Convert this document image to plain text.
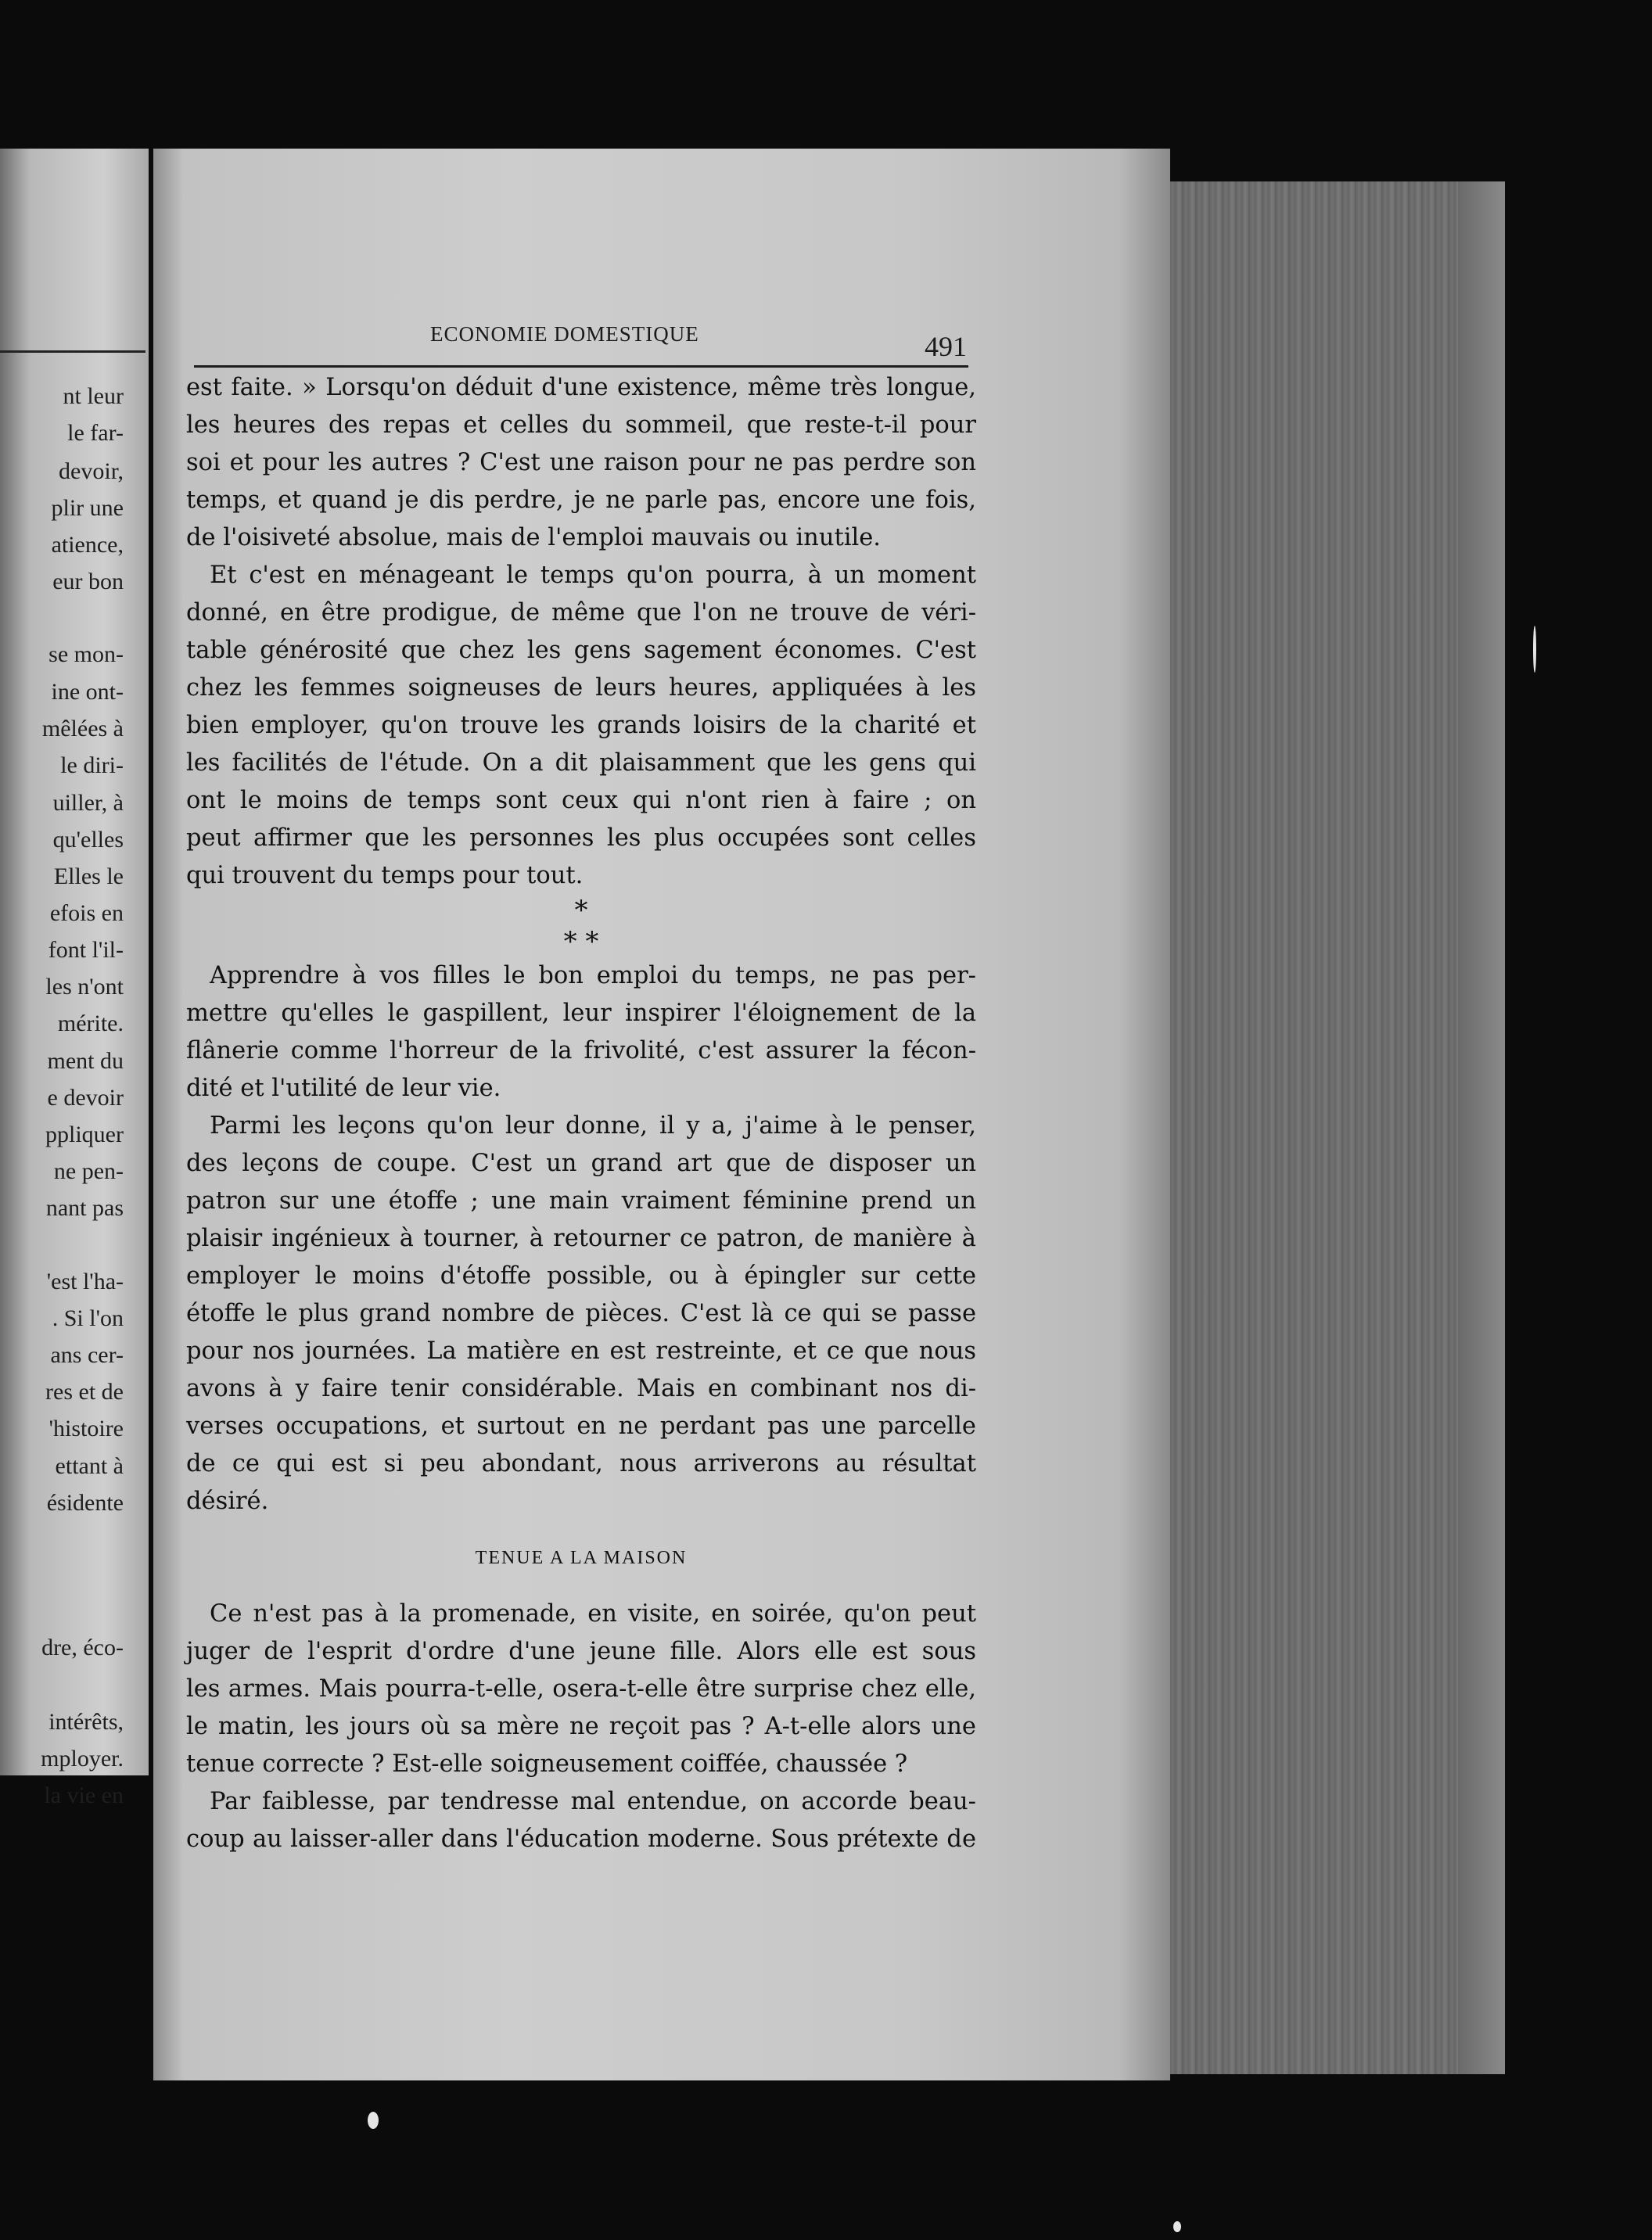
nt leur
le far-
devoir,
plir une
atience,
eur bon
se mon-
ine ont-
mêlées à
le diri-
uiller, à
qu'elles
Elles le
efois en
font l'il-
les n'ont
mérite.
ment du
e devoir
ppliquer
ne pen-
nant pas
'est l'ha-
. Si l'on
ans cer-
res et de
'histoire
ettant à
ésidente
dre, éco-
intérêts,
mployer.
la vie en
ECONOMIE DOMESTIQUE	491
est faite. » Lorsqu'on déduit d'une existence, même très longue,
les heures des repas et celles du sommeil, que reste-t-il pour
soi et pour les autres ? C'est une raison pour ne pas perdre son
temps, et quand je dis perdre, je ne parle pas, encore une fois,
de l'oisiveté absolue, mais de l'emploi mauvais ou inutile.
Et c'est en ménageant le temps qu'on pourra, à un moment
donné, en être prodigue, de même que l'on ne trouve de véri-
table générosité que chez les gens sagement économes. C'est
chez les femmes soigneuses de leurs heures, appliquées à les
bien employer, qu'on trouve les grands loisirs de la charité et
les facilités de l'étude. On a dit plaisamment que les gens qui
ont le moins de temps sont ceux qui n'ont rien à faire ; on
peut affirmer que les personnes les plus occupées sont celles
qui trouvent du temps pour tout.
*
* *
Apprendre à vos filles le bon emploi du temps, ne pas per-
mettre qu'elles le gaspillent, leur inspirer l'éloignement de la
flânerie comme l'horreur de la frivolité, c'est assurer la fécon-
dité et l'utilité de leur vie.
Parmi les leçons qu'on leur donne, il y a, j'aime à le penser,
des leçons de coupe. C'est un grand art que de disposer un
patron sur une étoffe ; une main vraiment féminine prend un
plaisir ingénieux à tourner, à retourner ce patron, de manière à
employer le moins d'étoffe possible, ou à épingler sur cette
étoffe le plus grand nombre de pièces. C'est là ce qui se passe
pour nos journées. La matière en est restreinte, et ce que nous
avons à y faire tenir considérable. Mais en combinant nos di-
verses occupations, et surtout en ne perdant pas une parcelle
de ce qui est si peu abondant, nous arriverons au résultat
désiré.
TENUE A LA MAISON
Ce n'est pas à la promenade, en visite, en soirée, qu'on peut
juger de l'esprit d'ordre d'une jeune fille. Alors elle est sous
les armes. Mais pourra-t-elle, osera-t-elle être surprise chez elle,
le matin, les jours où sa mère ne reçoit pas ? A-t-elle alors une
tenue correcte ? Est-elle soigneusement coiffée, chaussée ?
Par faiblesse, par tendresse mal entendue, on accorde beau-
coup au laisser-aller dans l'éducation moderne. Sous prétexte de
